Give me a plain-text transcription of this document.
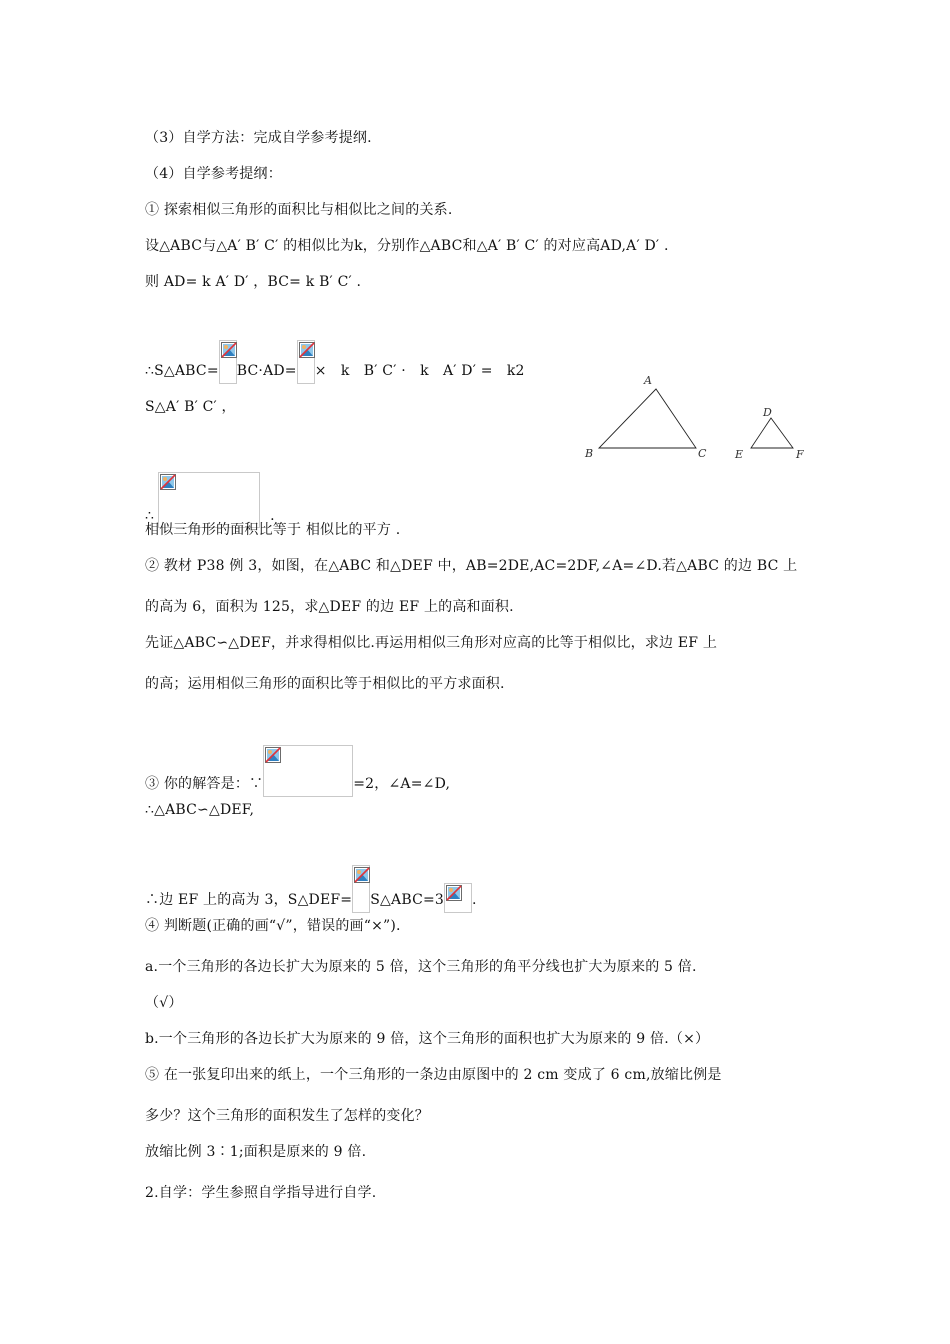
（3）自学方法：完成自学参考提纲.
（4）自学参考提纲：
① 探索相似三角形的面积比与相似比之间的关系.
设△ABC与△A′ B′ C′ 的相似比为k，分别作△ABC和△A′ B′ C′ 的对应高AD,A′ D′ .
则 AD= k A′ D′ ，BC= k B′ C′ .
∴S△ABC= BC·AD= ×　k　B′ C′ ·　k　A′ D′ =　k2
S△A′ B′ C′ ，
∴	.
A
B	C
D
E	F
相似三角形的面积比等于 相似比的平方 .
② 教材 P38 例 3，如图，在△ABC 和△DEF 中，AB=2DE,AC=2DF,∠A=∠D.若△ABC 的边 BC 上
的高为 6，面积为 125，求△DEF 的边 EF 上的高和面积.
先证△ABC∽△DEF，并求得相似比.再运用相似三角形对应高的比等于相似比，求边 EF 上
的高；运用相似三角形的面积比等于相似比的平方求面积.
③ 你的解答是：∵	=2，∠A=∠D,
∴△ABC∽△DEF,
∴边 EF 上的高为 3，S△DEF= S△ABC=3 .
④ 判断题(正确的画“√”，错误的画“×”).
a.一个三角形的各边长扩大为原来的 5 倍，这个三角形的角平分线也扩大为原来的 5 倍.
（√）
b.一个三角形的各边长扩大为原来的 9 倍，这个三角形的面积也扩大为原来的 9 倍.（×）
⑤ 在一张复印出来的纸上，一个三角形的一条边由原图中的 2 cm 变成了 6 cm,放缩比例是
多少？这个三角形的面积发生了怎样的变化？
放缩比例 3∶1;面积是原来的 9 倍.
2.自学：学生参照自学指导进行自学.
